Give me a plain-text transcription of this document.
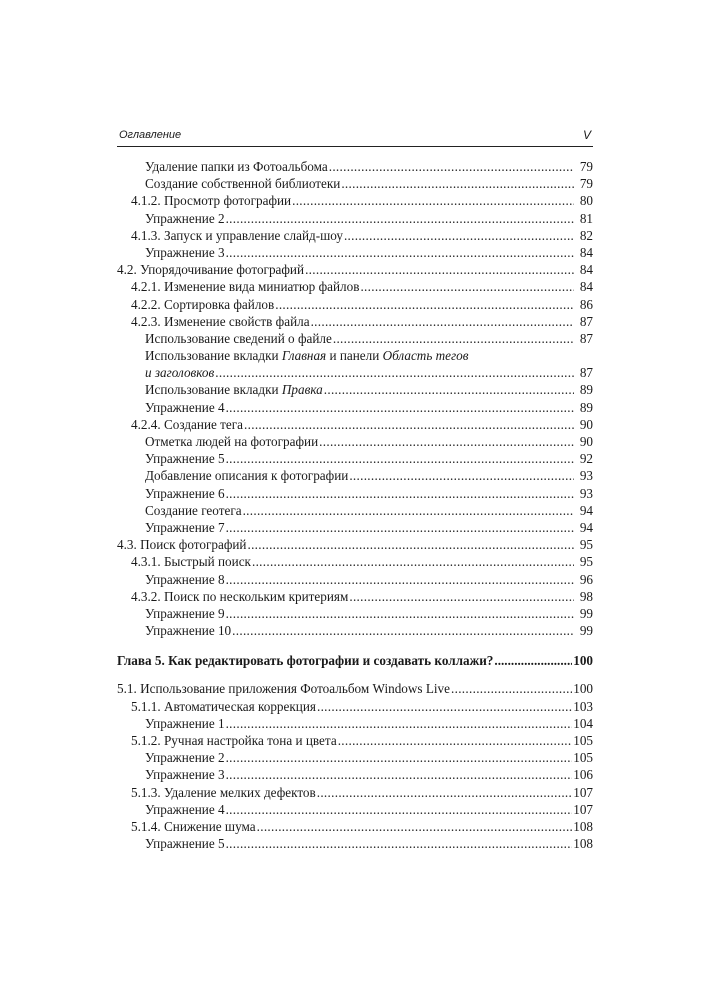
Оглавление	V
Удаление папки из Фотоальбома .....	79
Создание собственной библиотеки .....	79
4.1.2. Просмотр фотографии .....	80
Упражнение 2 .....	81
4.1.3. Запуск и управление слайд-шоу .....	82
Упражнение 3 .....	84
4.2. Упорядочивание фотографий .....	84
4.2.1. Изменение вида миниатюр файлов .....	84
4.2.2. Сортировка файлов .....	86
4.2.3. Изменение свойств файла .....	87
Использование сведений о файле .....	87
Использование вкладки Главная и панели Область тегов
и заголовков .....	87
Использование вкладки Правка .....	89
Упражнение 4 .....	89
4.2.4. Создание тега .....	90
Отметка людей на фотографии .....	90
Упражнение 5 .....	92
Добавление описания к фотографии .....	93
Упражнение 6 .....	93
Создание геотега .....	94
Упражнение 7 .....	94
4.3. Поиск фотографий .....	95
4.3.1. Быстрый поиск .....	95
Упражнение 8 .....	96
4.3.2. Поиск по нескольким критериям .....	98
Упражнение 9 .....	99
Упражнение 10 .....	99
Глава 5. Как редактировать фотографии и создавать коллажи? .....	100
5.1. Использование приложения Фотоальбом Windows Live .....	100
5.1.1. Автоматическая коррекция .....	103
Упражнение 1 .....	104
5.1.2. Ручная настройка тона и цвета .....	105
Упражнение 2 .....	105
Упражнение 3 .....	106
5.1.3. Удаление мелких дефектов .....	107
Упражнение 4 .....	107
5.1.4. Снижение шума .....	108
Упражнение 5 .....	108
